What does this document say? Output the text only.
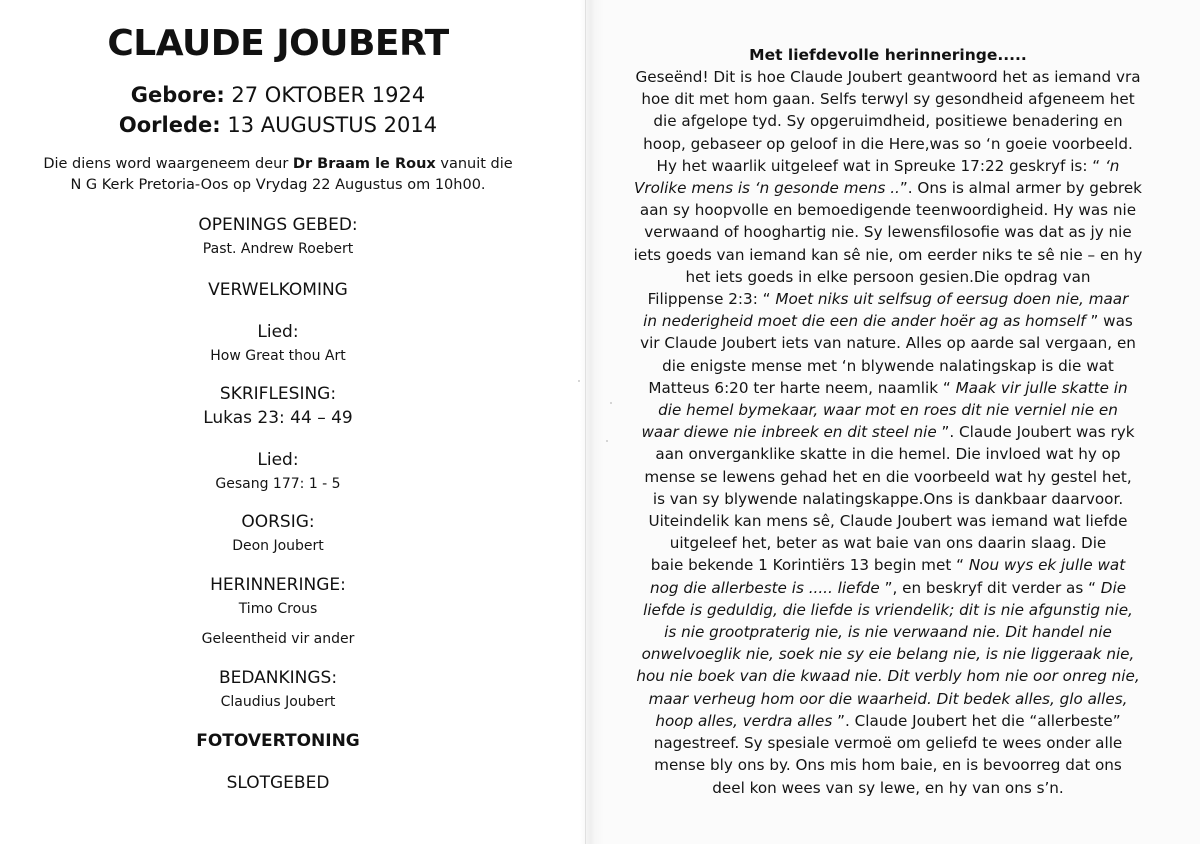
CLAUDE JOUBERT
Gebore: 27 OKTOBER 1924
Oorlede: 13 AUGUSTUS 2014
Die diens word waargeneem deur Dr Braam le Roux vanuit die
N G Kerk Pretoria-Oos op Vrydag 22 Augustus om 10h00.
OPENINGS GEBED:
Past. Andrew Roebert
VERWELKOMING
Lied:
How Great thou Art
SKRIFLESING:
Lukas 23: 44 – 49
Lied:
Gesang 177: 1 - 5
OORSIG:
Deon Joubert
HERINNERINGE:
Timo Crous
Geleentheid vir ander
BEDANKINGS:
Claudius Joubert
FOTOVERTONING
SLOTGEBED
Met liefdevolle herinneringe.....
Geseënd! Dit is hoe Claude Joubert geantwoord het as iemand vra
hoe dit met hom gaan. Selfs terwyl sy gesondheid afgeneem het
die afgelope tyd. Sy opgeruimdheid, positiewe benadering en
hoop, gebaseer op geloof in die Here,was so ‘n goeie voorbeeld.
Hy het waarlik uitgeleef wat in Spreuke 17:22 geskryf is: “ ‘n
Vrolike mens is ‘n gesonde mens ..”. Ons is almal armer by gebrek
aan sy hoopvolle en bemoedigende teenwoordigheid. Hy was nie
verwaand of hooghartig nie. Sy lewensfilosofie was dat as jy nie
iets goeds van iemand kan sê nie, om eerder niks te sê nie – en hy
het iets goeds in elke persoon gesien.Die opdrag van
Filippense 2:3: “ Moet niks uit selfsug of eersug doen nie, maar
in nederigheid moet die een die ander hoër ag as homself ” was
vir Claude Joubert iets van nature. Alles op aarde sal vergaan, en
die enigste mense met ‘n blywende nalatingskap is die wat
Matteus 6:20 ter harte neem, naamlik “ Maak vir julle skatte in
die hemel bymekaar, waar mot en roes dit nie verniel nie en
waar diewe nie inbreek en dit steel nie ”. Claude Joubert was ryk
aan onverganklike skatte in die hemel. Die invloed wat hy op
mense se lewens gehad het en die voorbeeld wat hy gestel het,
is van sy blywende nalatingskappe.Ons is dankbaar daarvoor.
Uiteindelik kan mens sê, Claude Joubert was iemand wat liefde
uitgeleef het, beter as wat baie van ons daarin slaag. Die
baie bekende 1 Korintiërs 13 begin met “ Nou wys ek julle wat
nog die allerbeste is ..... liefde ”, en beskryf dit verder as “ Die
liefde is geduldig, die liefde is vriendelik; dit is nie afgunstig nie,
is nie grootpraterig nie, is nie verwaand nie. Dit handel nie
onwelvoeglik nie, soek nie sy eie belang nie, is nie liggeraak nie,
hou nie boek van die kwaad nie. Dit verbly hom nie oor onreg nie,
maar verheug hom oor die waarheid. Dit bedek alles, glo alles,
hoop alles, verdra alles ”. Claude Joubert het die “allerbeste”
nagestreef. Sy spesiale vermoë om geliefd te wees onder alle
mense bly ons by. Ons mis hom baie, en is bevoorreg dat ons
deel kon wees van sy lewe, en hy van ons s’n.
